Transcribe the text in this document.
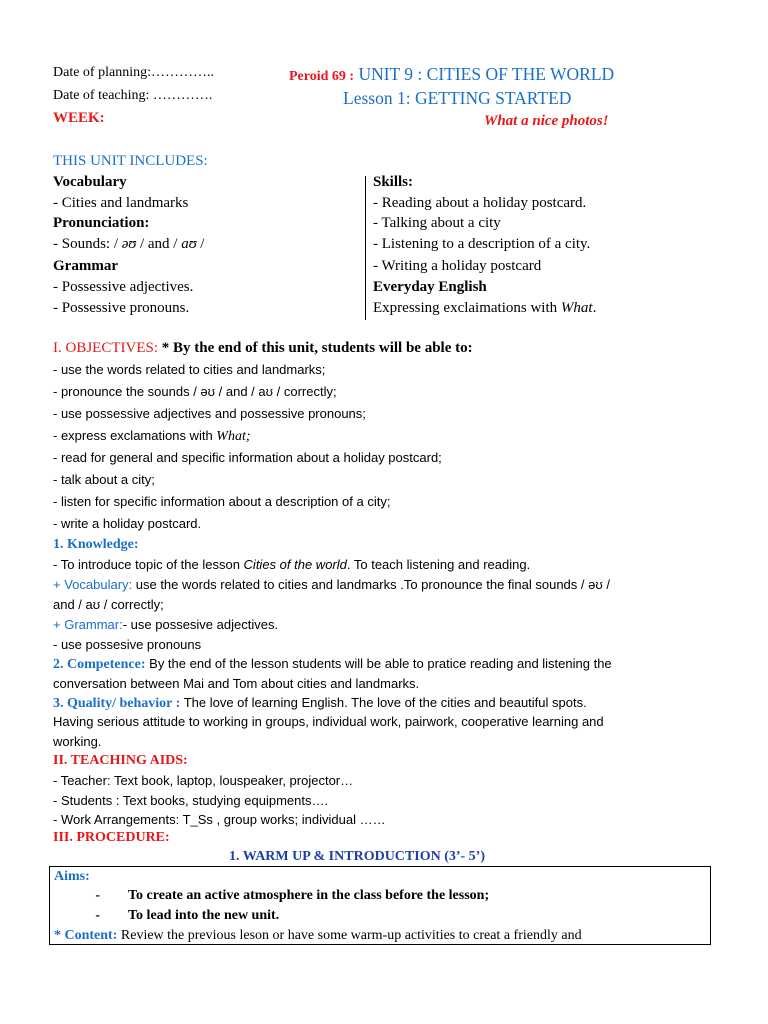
Date of planning:…………..
Date of teaching: ………….
WEEK:
Peroid 69 : UNIT 9 : CITIES OF THE WORLD
Lesson 1: GETTING STARTED
What a nice photos!
THIS UNIT INCLUDES:
Vocabulary
- Cities and landmarks
Pronunciation:
- Sounds: / əʊ / and / aʊ /
Grammar
- Possessive adjectives.
- Possessive pronouns.
Skills:
- Reading about a holiday postcard.
- Talking about a city
- Listening to a description of a city.
- Writing a holiday postcard
Everyday English
Expressing exclaimations with What.
I. OBJECTIVES: * By the end of this unit, students will be able to:
- use the words related to cities and landmarks;
- pronounce the sounds / əʊ / and / aʊ / correctly;
- use possessive adjectives and possessive pronouns;
- express exclamations with What;
- read for general and specific information about a holiday postcard;
- talk about a city;
- listen for specific information about a description of a city;
- write a holiday postcard.
1. Knowledge:
- To introduce topic of the lesson Cities of the world. To teach listening and reading.
+ Vocabulary: use the words related to cities and landmarks .To pronounce the final sounds / əʊ /
and / aʊ / correctly;
+ Grammar:- use possesive adjectives.
- use possesive pronouns
2. Competence: By the end of the lesson students will be able to pratice reading and listening the
conversation between Mai and Tom about cities and landmarks.
3. Quality/ behavior : The love of learning English. The love of the cities and beautiful spots.
Having serious attitude to working in groups, individual work, pairwork, cooperative learning and
working.
II. TEACHING AIDS:
- Teacher: Text book, laptop, louspeaker, projector…
- Students : Text books, studying equipments….
- Work Arrangements: T_Ss , group works; individual ……
III. PROCEDURE:
1. WARM UP & INTRODUCTION (3’- 5’)
Aims:
- To create an active atmosphere in the class before the lesson;
- To lead into the new unit.
* Content: Review the previous leson or have some warm-up activities to creat a friendly and
